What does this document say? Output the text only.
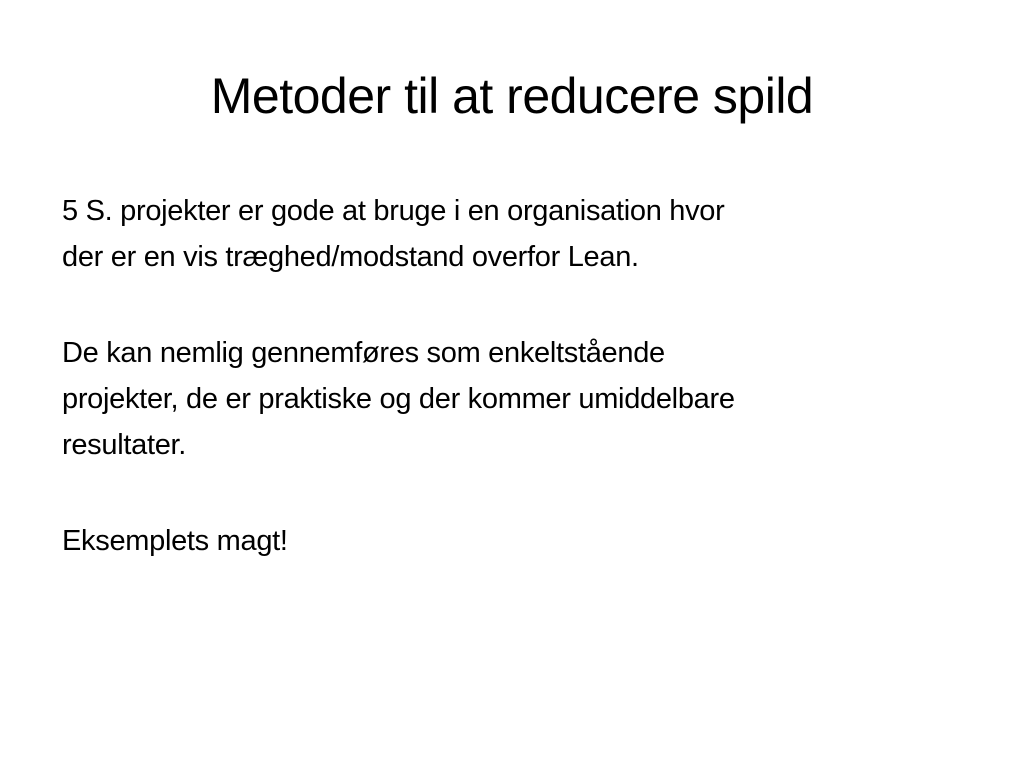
Metoder til at reducere spild

5 S. projekter er gode at bruge i en organisation hvor
der er en vis træghed/modstand overfor Lean.

De kan nemlig gennemføres som enkeltstående
projekter, de er praktiske og der kommer umiddelbare
resultater.

Eksemplets magt!
